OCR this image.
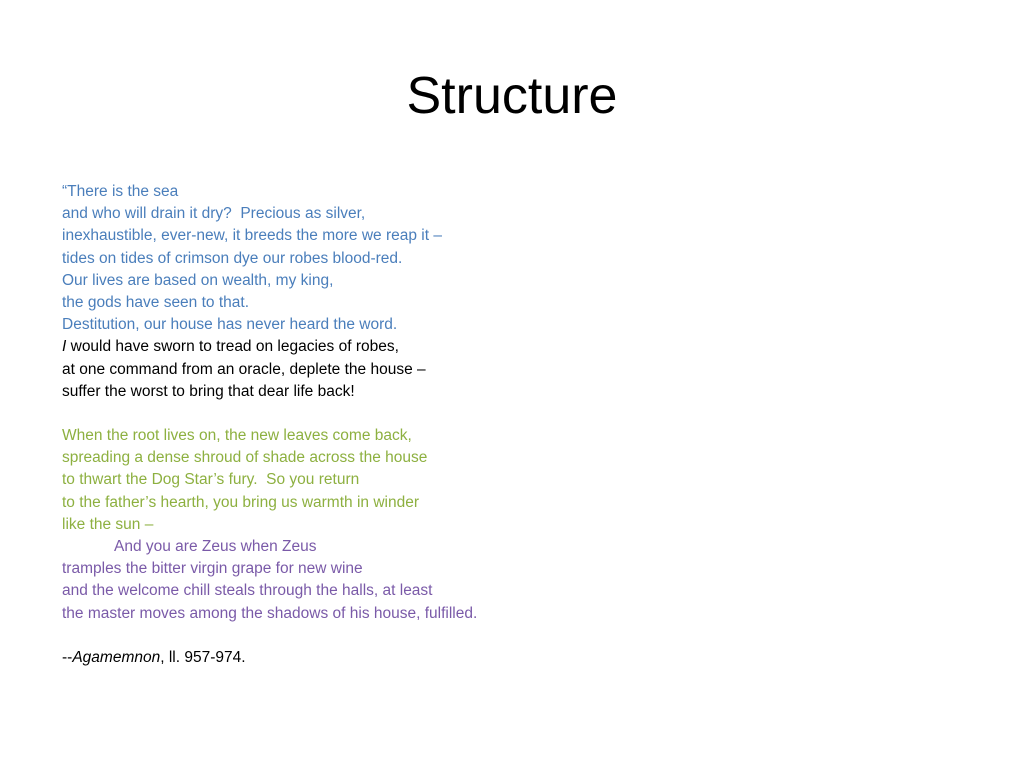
Structure
“There is the sea
and who will drain it dry?  Precious as silver,
inexhaustible, ever-new, it breeds the more we reap it –
tides on tides of crimson dye our robes blood-red.
Our lives are based on wealth, my king,
the gods have seen to that.
Destitution, our house has never heard the word.
I would have sworn to tread on legacies of robes,
at one command from an oracle, deplete the house –
suffer the worst to bring that dear life back!
When the root lives on, the new leaves come back,
spreading a dense shroud of shade across the house
to thwart the Dog Star’s fury.  So you return
to the father’s hearth, you bring us warmth in winder
like the sun –
And you are Zeus when Zeus
tramples the bitter virgin grape for new wine
and the welcome chill steals through the halls, at least
the master moves among the shadows of his house, fulfilled.
--Agamemnon, ll. 957-974.
